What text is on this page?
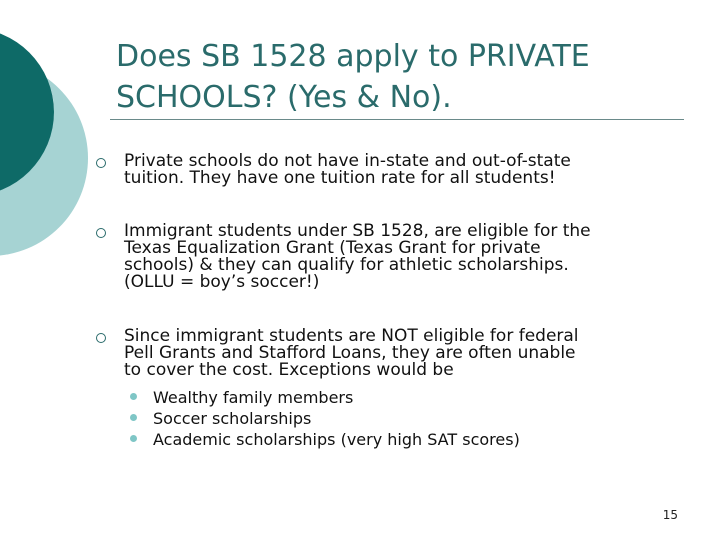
Does SB 1528 apply to PRIVATE
SCHOOLS? (Yes & No).
Private schools do not have in-state and out-of-state
tuition. They have one tuition rate for all students!
Immigrant students under SB 1528, are eligible for the
Texas Equalization Grant (Texas Grant for private
schools) & they can qualify for athletic scholarships.
(OLLU = boy’s soccer!)
Since immigrant students are NOT eligible for federal
Pell Grants and Stafford Loans, they are often unable
to cover the cost. Exceptions would be
Wealthy family members
Soccer scholarships
Academic scholarships (very high SAT scores)
15
